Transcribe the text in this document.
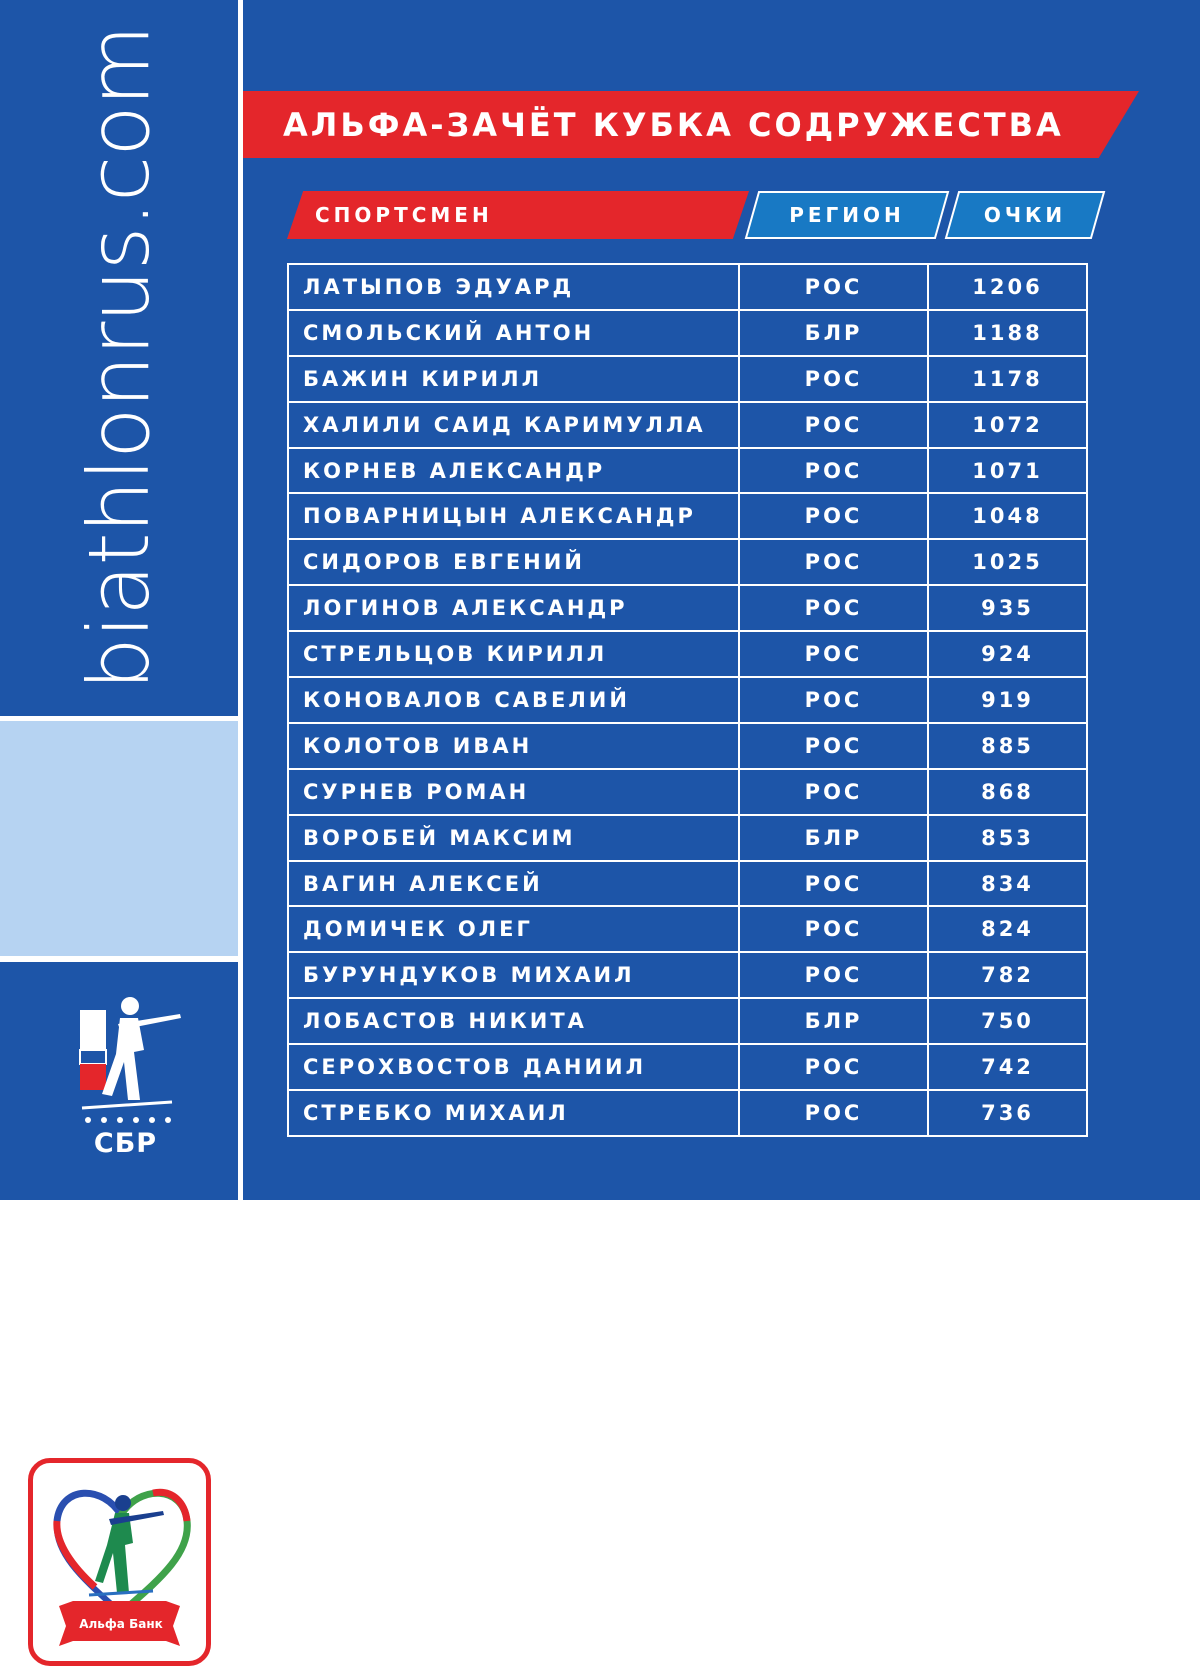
biathlonrus.com
Альфа Банк
СБР
АЛЬФА-ЗАЧЁТ КУБКА СОДРУЖЕСТВА
СПОРТСМЕН	РЕГИОН	ОЧКИ
ЛАТЫПОВ ЭДУАРД	РОС	1206
СМОЛЬСКИЙ АНТОН	БЛР	1188
БАЖИН КИРИЛЛ	РОС	1178
ХАЛИЛИ САИД КАРИМУЛЛА	РОС	1072
КОРНЕВ АЛЕКСАНДР	РОС	1071
ПОВАРНИЦЫН АЛЕКСАНДР	РОС	1048
СИДОРОВ ЕВГЕНИЙ	РОС	1025
ЛОГИНОВ АЛЕКСАНДР	РОС	935
СТРЕЛЬЦОВ КИРИЛЛ	РОС	924
КОНОВАЛОВ САВЕЛИЙ	РОС	919
КОЛОТОВ ИВАН	РОС	885
СУРНЕВ РОМАН	РОС	868
ВОРОБЕЙ МАКСИМ	БЛР	853
ВАГИН АЛЕКСЕЙ	РОС	834
ДОМИЧЕК ОЛЕГ	РОС	824
БУРУНДУКОВ МИХАИЛ	РОС	782
ЛОБАСТОВ НИКИТА	БЛР	750
СЕРОХВОСТОВ ДАНИИЛ	РОС	742
СТРЕБКО МИХАИЛ	РОС	736
